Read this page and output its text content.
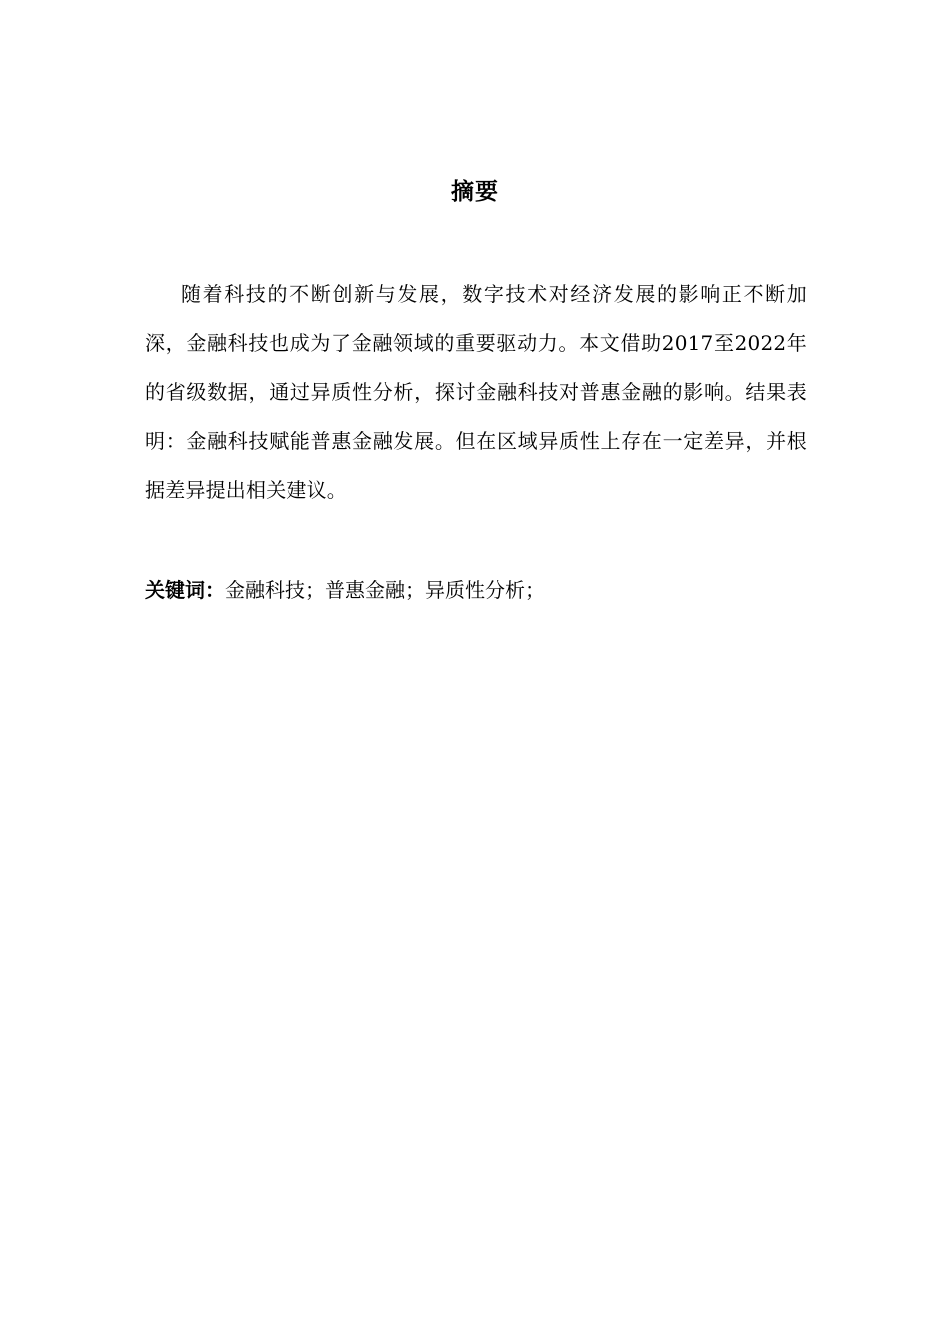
摘要

随着科技的不断创新与发展，数字技术对经济发展的影响正不断加深，金融科技也成为了金融领域的重要驱动力。本文借助2017至2022年的省级数据，通过异质性分析，探讨金融科技对普惠金融的影响。结果表明：金融科技赋能普惠金融发展。但在区域异质性上存在一定差异，并根据差异提出相关建议。

关键词：金融科技；普惠金融；异质性分析；
